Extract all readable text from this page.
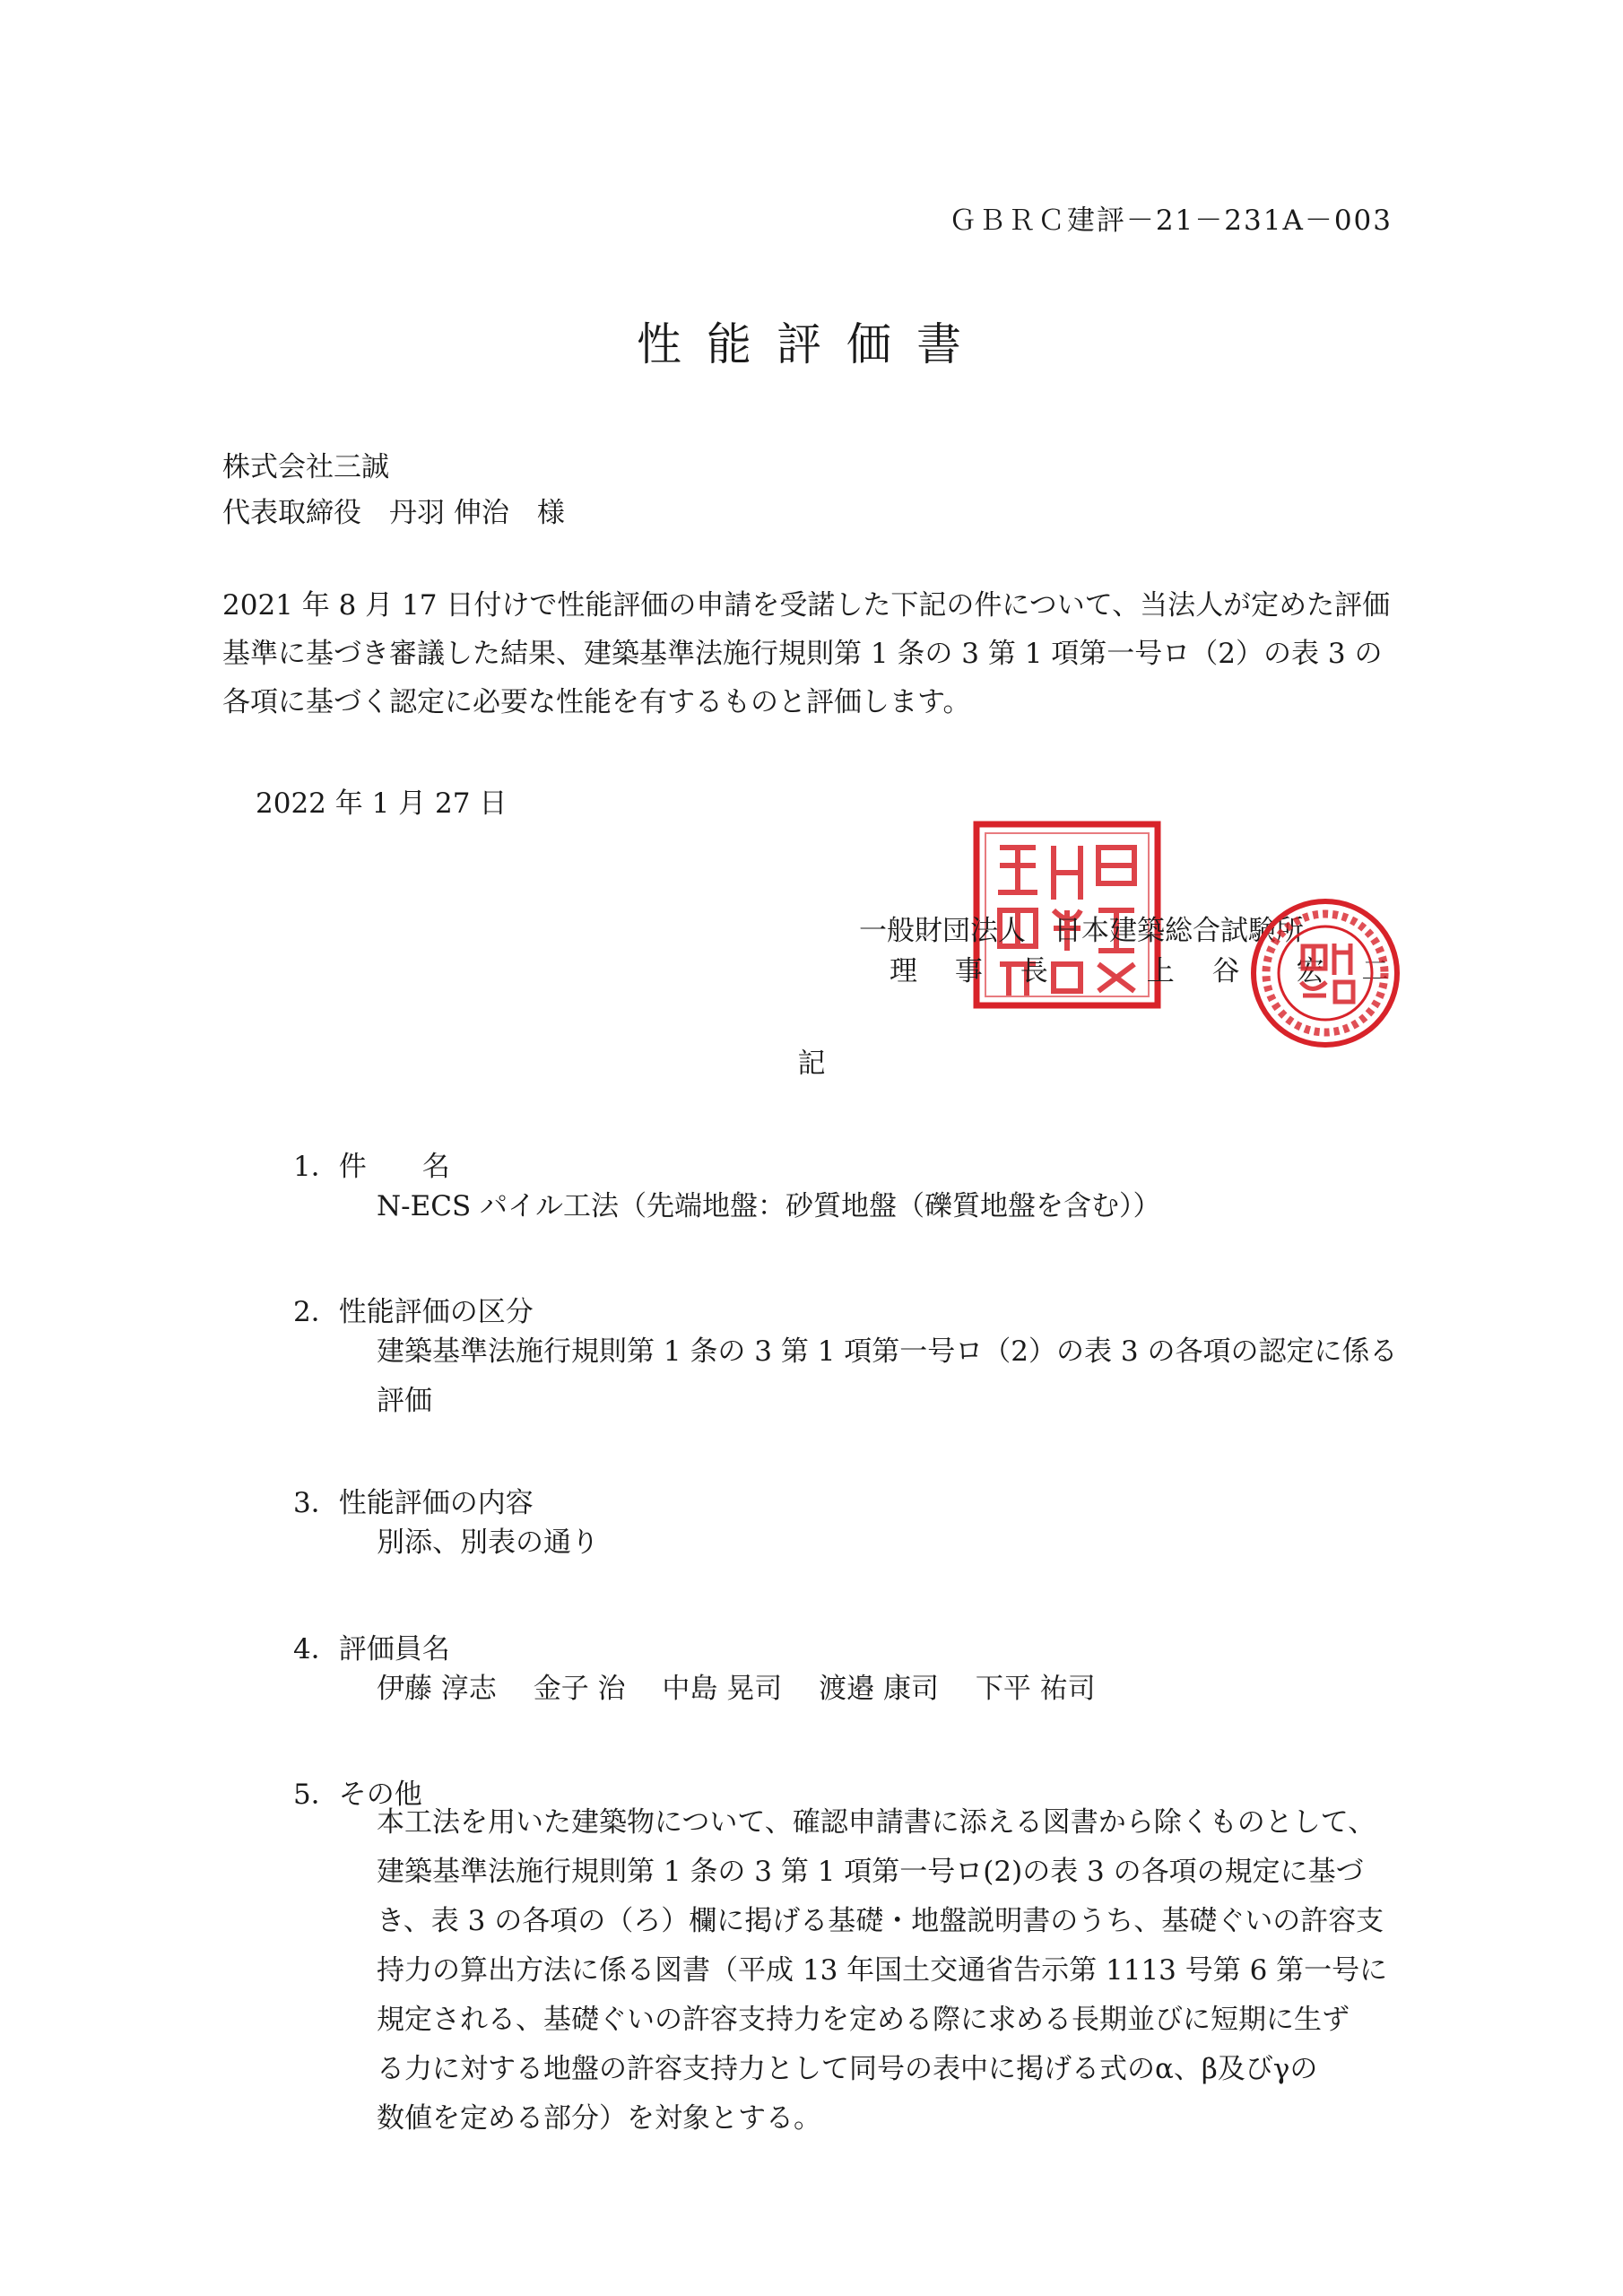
ＧＢＲＣ建評－21－231A－003
性能評価書
株式会社三誠
代表取締役　丹羽 伸治　様
2021 年 8 月 17 日付けで性能評価の申請を受諾した下記の件について、当法人が定めた評価
基準に基づき審議した結果、建築基準法施行規則第 1 条の 3 第 1 項第一号ロ（2）の表 3 の
各項に基づく認定に必要な性能を有するものと評価します。
2022 年 1 月 27 日
一般財団法人　日本建築総合試験所
理 事 長　　上 谷　宏 二
記
1．件　　名
N-ECS パイル工法（先端地盤：砂質地盤（礫質地盤を含む））
2．性能評価の区分
建築基準法施行規則第 1 条の 3 第 1 項第一号ロ（2）の表 3 の各項の認定に係る
評価
3．性能評価の内容
別添、別表の通り
4．評価員名
伊藤 淳志　 金子 治　 中島 晃司　 渡邉 康司　 下平 祐司
5．その他
本工法を用いた建築物について、確認申請書に添える図書から除くものとして、
建築基準法施行規則第 1 条の 3 第 1 項第一号ロ(2)の表 3 の各項の規定に基づ
き、表 3 の各項の（ろ）欄に掲げる基礎・地盤説明書のうち、基礎ぐいの許容支
持力の算出方法に係る図書（平成 13 年国土交通省告示第 1113 号第 6 第一号に
規定される、基礎ぐいの許容支持力を定める際に求める長期並びに短期に生ず
る力に対する地盤の許容支持力として同号の表中に掲げる式のα、β及びγの
数値を定める部分）を対象とする。
